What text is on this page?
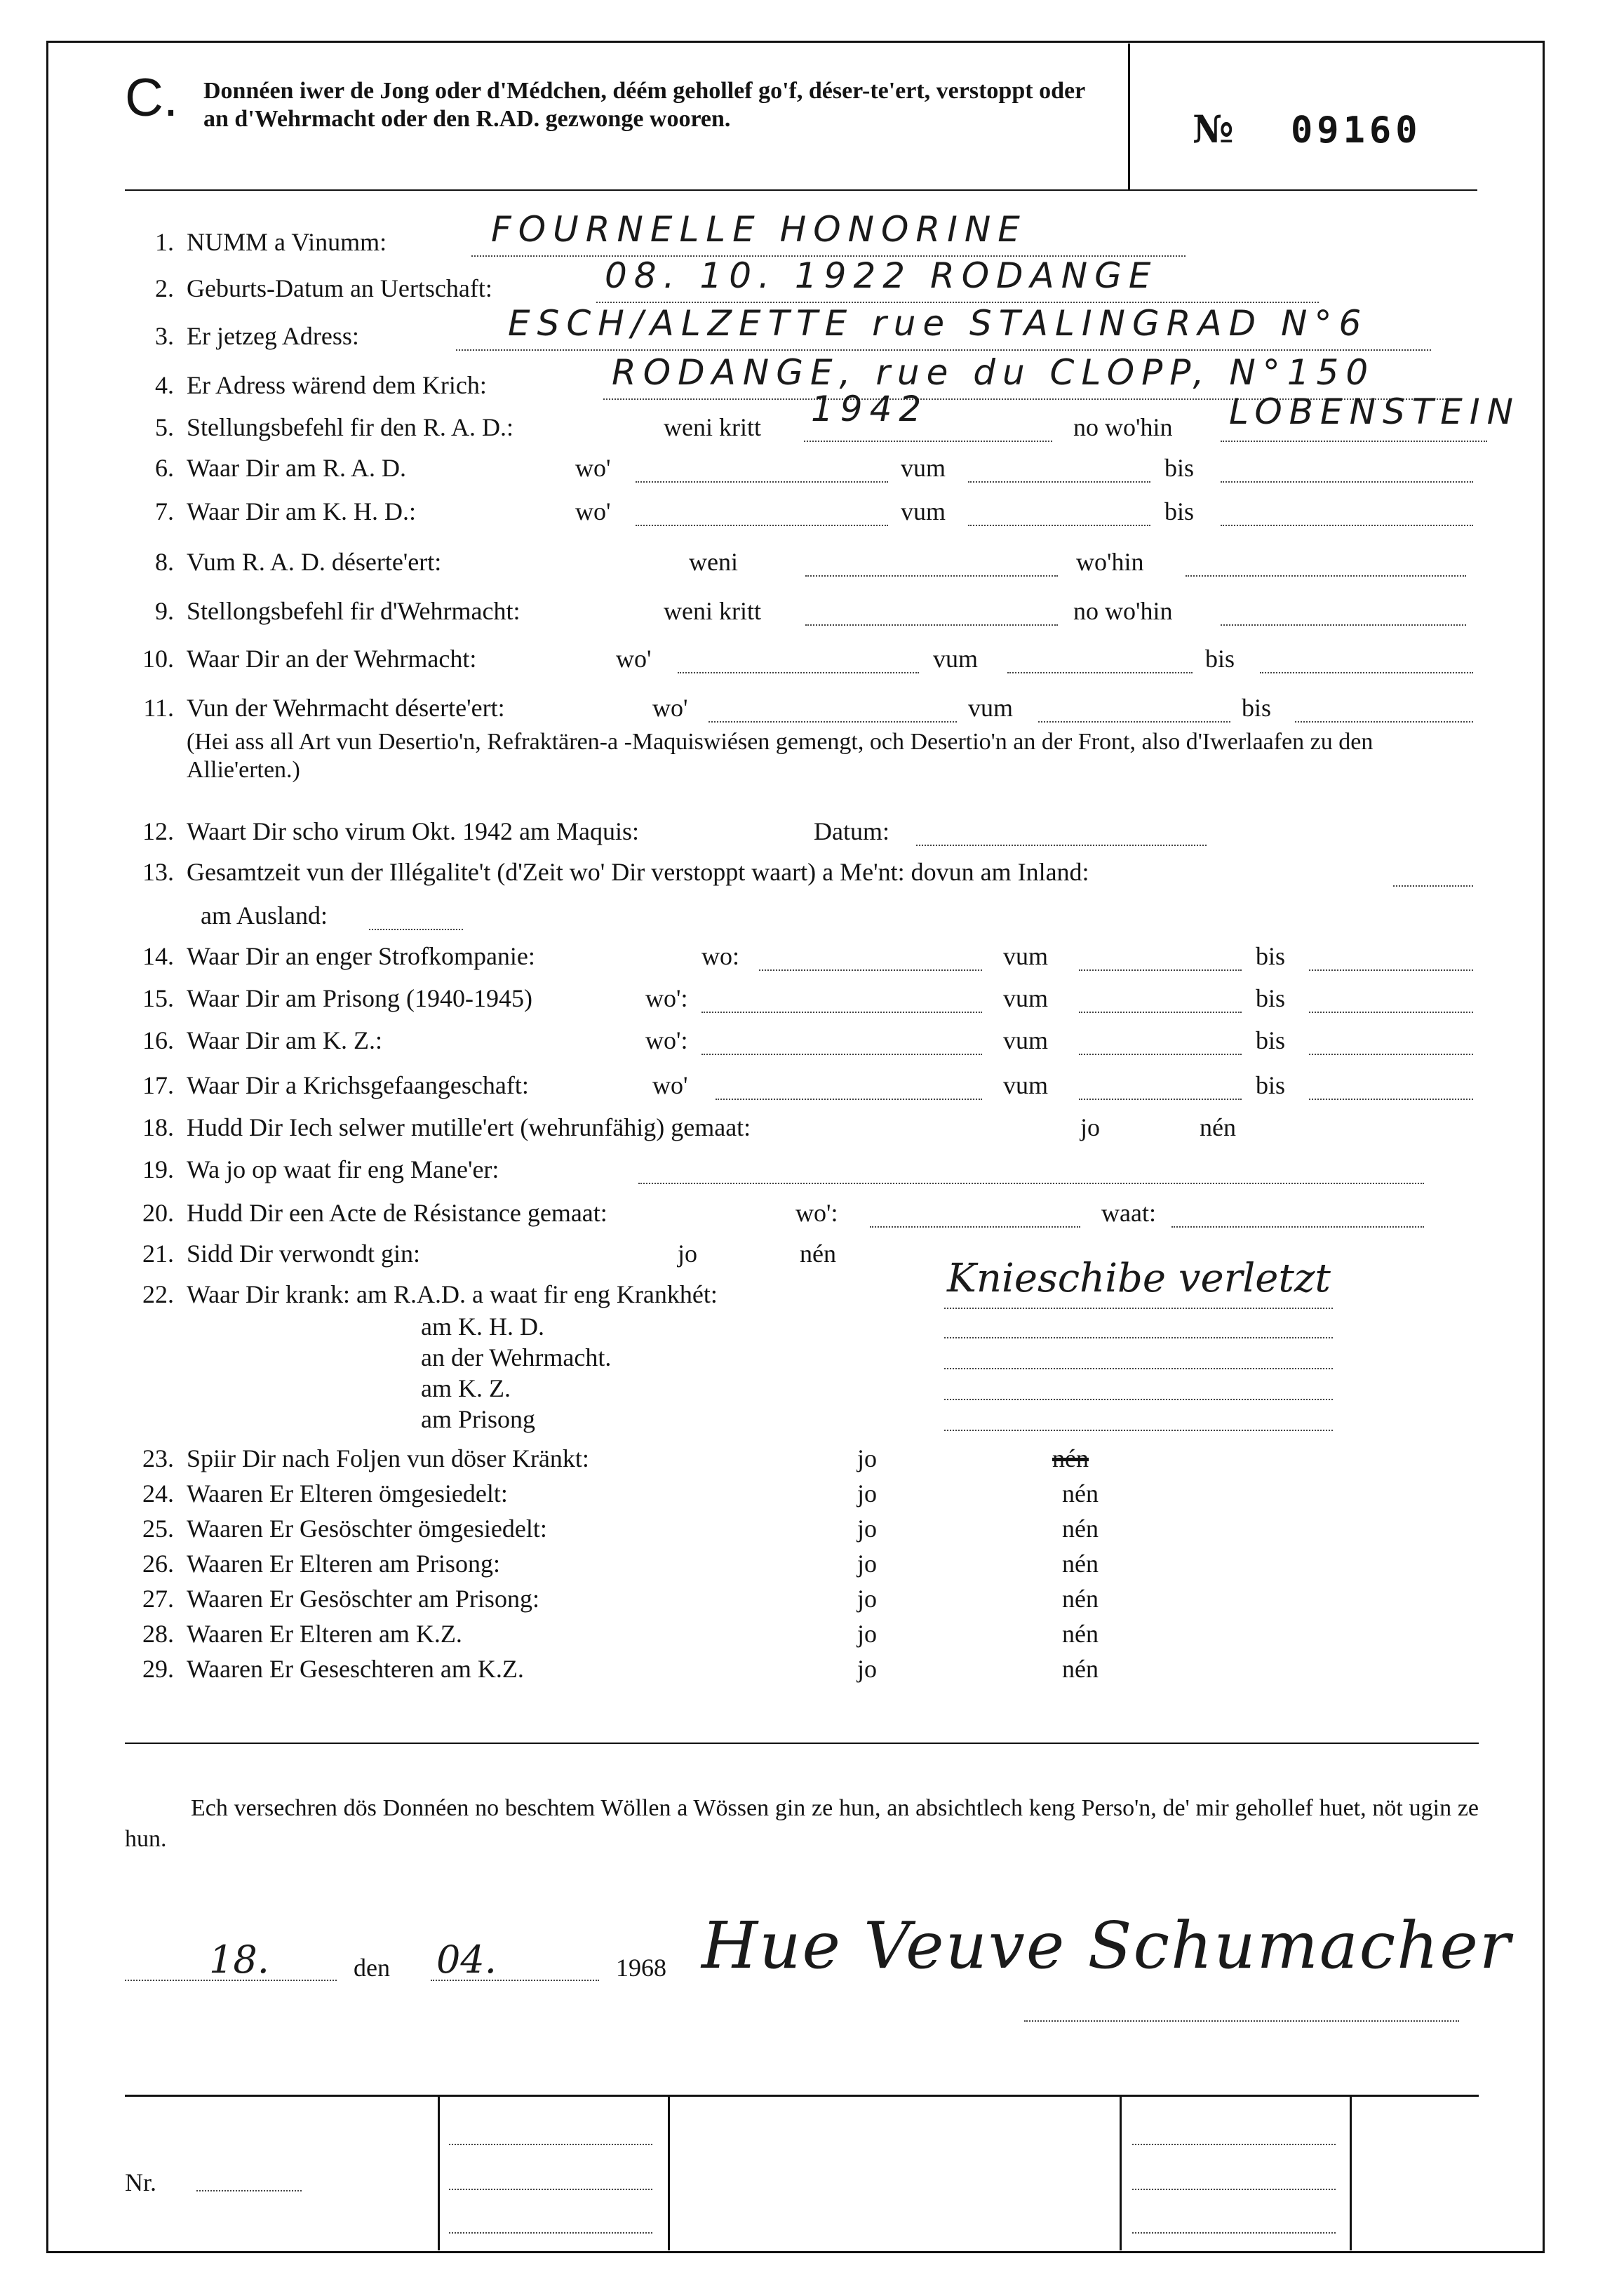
C. Donnéen iwer de Jong oder d'Médchen, déém gehollef go'f, déser-te'ert, verstoppt oder an d'Wehrmacht oder den R.AD. gezwonge wooren.	№ 09160
1. NUMM a Vinumm:	FOURNELLE HONORINE
2. Geburts-Datum an Uertschaft:	08. 10. 1922 RODANGE
3. Er jetzeg Adress:	ESCH/ALZETTE rue STALINGRAD N°6
4. Er Adress wärend dem Krich:	RODANGE, rue du CLOPP, N°150
5. Stellungsbefehl fir den R. A. D.:	weni kritt	no wo'hin
1942	LOBENSTEIN
6. Waar Dir am R. A. D.	wo'	vum	bis
7. Waar Dir am K. H. D.:	wo'	vum	bis
8. Vum R. A. D. déserte'ert:	weni	wo'hin
9. Stellongsbefehl fir d'Wehrmacht:	weni kritt	no wo'hin
10. Waar Dir an der Wehrmacht:	wo'	vum	bis
11. Vun der Wehrmacht déserte'ert:	wo'	vum	bis
(Hei ass all Art vun Desertio'n, Refraktären-a -Maquiswiésen gemengt, och Desertio'n an der Front, also d'Iwerlaafen zu den Allie'erten.)
12. Waart Dir scho virum Okt. 1942 am Maquis:	Datum:
13. Gesamtzeit vun der Illégalite't (d'Zeit wo' Dir verstoppt waart) a Me'nt: dovun am Inland:
am Ausland:
14. Waar Dir an enger Strofkompanie:	wo:	vum	bis
15. Waar Dir am Prisong (1940-1945)	wo':	vum	bis
16. Waar Dir am K. Z.:	wo':	vum	bis
17. Waar Dir a Krichsgefaangeschaft:	wo'	vum	bis
18. Hudd Dir Iech selwer mutille'ert (wehrunfähig) gemaat:	jo	nén
19. Wa jo op waat fir eng Mane'er:
20. Hudd Dir een Acte de Résistance gemaat:	wo':	waat:
21. Sidd Dir verwondt gin:	jo	nén
22. Waar Dir krank: am R.A.D. a waat fir eng Krankhét:	Knieschibe verletzt
am K. H. D.
an der Wehrmacht.
am K. Z.
am Prisong
23. Spiir Dir nach Foljen vun döser Kränkt:	jo	nén
24. Waaren Er Elteren ömgesiedelt:	jo	nén
25. Waaren Er Gesöschter ömgesiedelt:	jo	nén
26. Waaren Er Elteren am Prisong:	jo	nén
27. Waaren Er Gesöschter am Prisong:	jo	nén
28. Waaren Er Elteren am K.Z.	jo	nén
29. Waaren Er Geseschteren am K.Z.	jo	nén
Ech versechren dös Donnéen no beschtem Wöllen a Wössen gin ze hun, an absichtlech keng Perso'n, de' mir gehollef huet, nöt ugin ze hun.
18.	den 04.	1968 Hue Veuve Schumacher
Nr.
